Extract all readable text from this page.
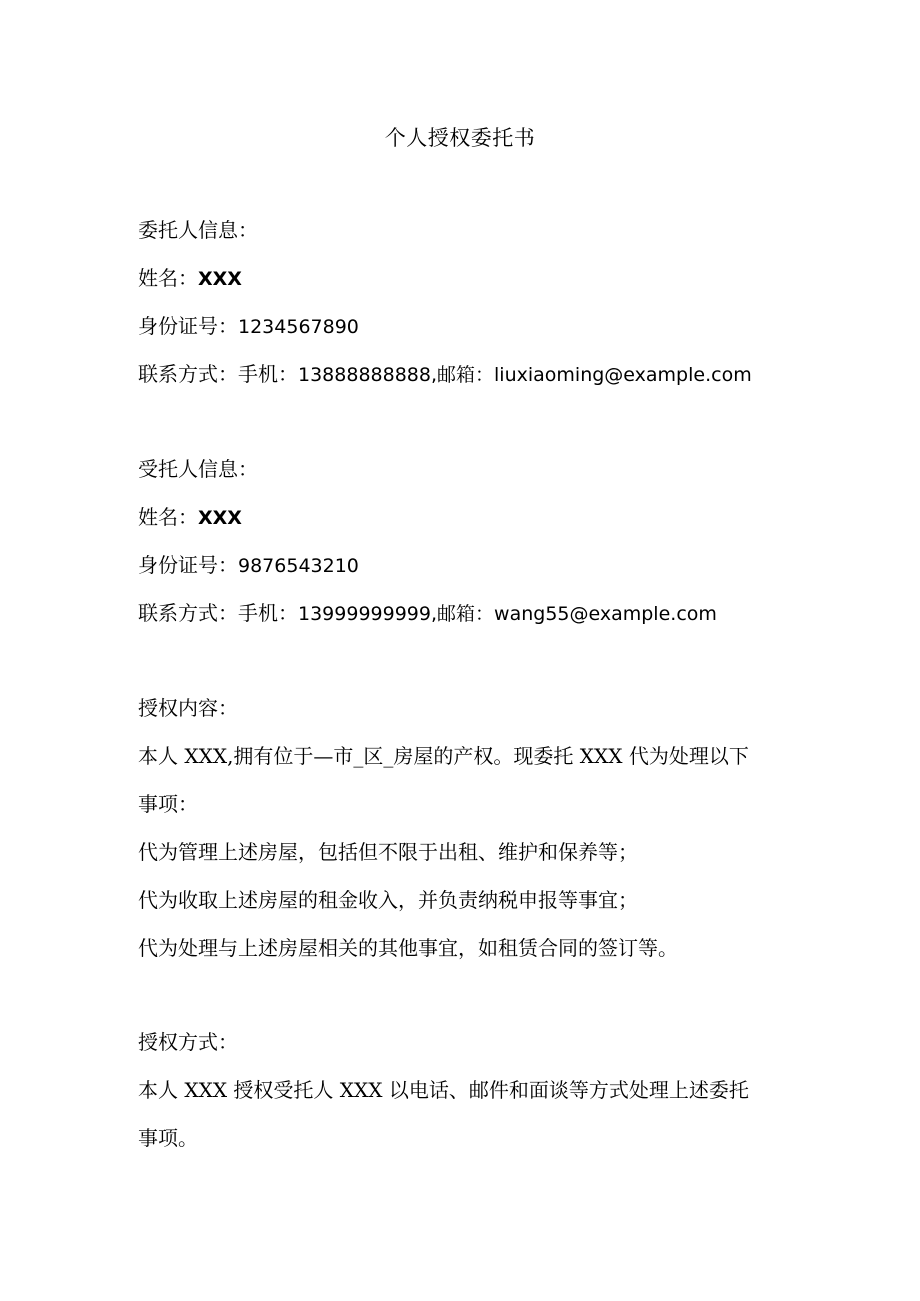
个人授权委托书
委托人信息：
姓名：XXX
身份证号：1234567890
联系方式：手机：13888888888,邮箱：liuxiaoming@example.com
受托人信息：
姓名：XXX
身份证号：9876543210
联系方式：手机：13999999999,邮箱：wang55@example.com
授权内容：
本人 XXX,拥有位于—市_区_房屋的产权。现委托 XXX 代为处理以下事项：
代为管理上述房屋，包括但不限于出租、维护和保养等；
代为收取上述房屋的租金收入，并负责纳税申报等事宜；
代为处理与上述房屋相关的其他事宜，如租赁合同的签订等。
授权方式：
本人 XXX 授权受托人 XXX 以电话、邮件和面谈等方式处理上述委托事项。
